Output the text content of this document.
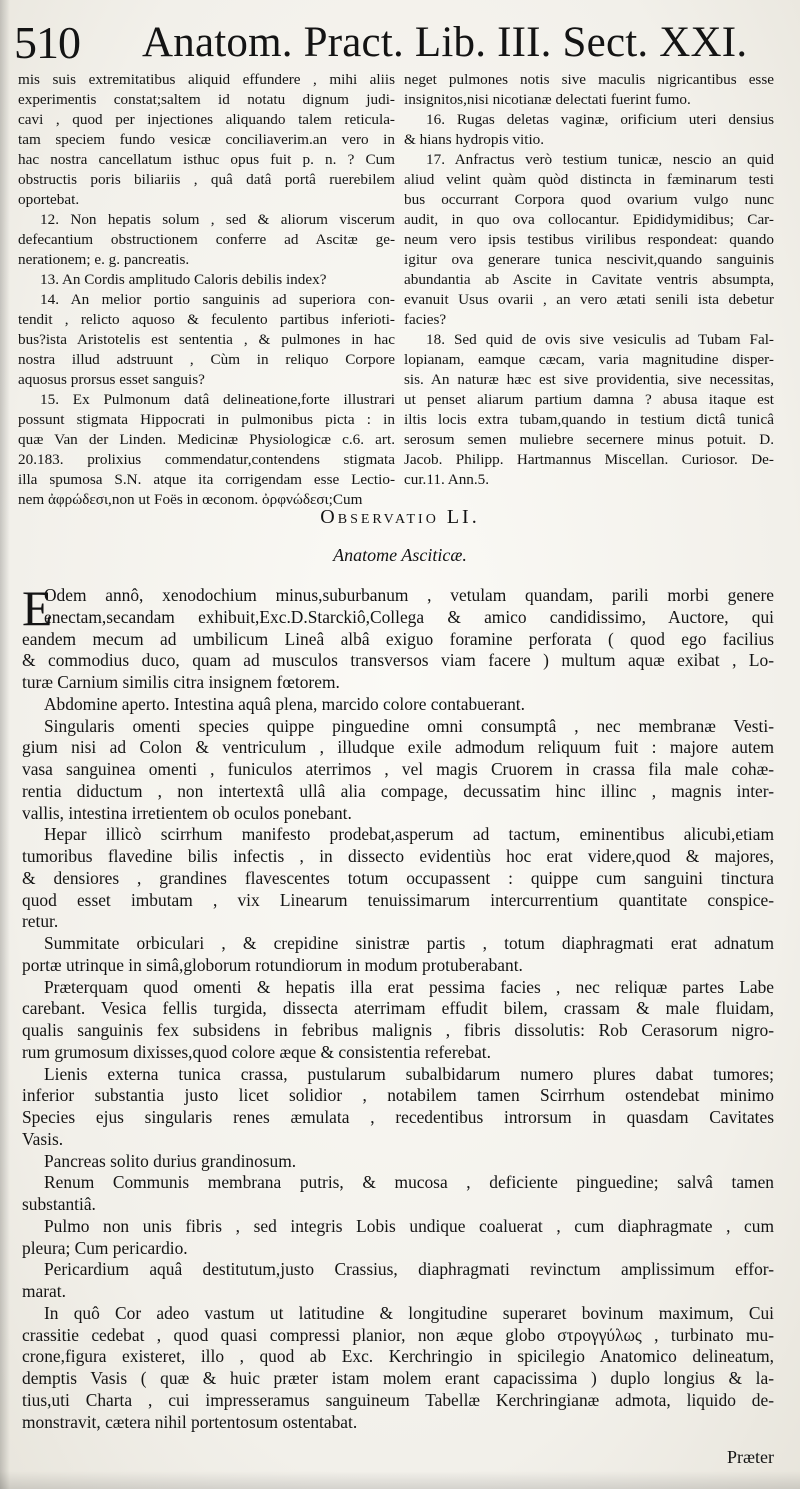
510 Anatom. Pract. Lib. III. Sect. XXI.
mis suis extremitatibus aliquid effundere , mihi aliis
experimentis constat;saltem id notatu dignum judi-
cavi , quod per injectiones aliquando talem reticula-
tam speciem fundo vesicæ conciliaverim.an vero in
hac nostra cancellatum isthuc opus fuit p. n. ? Cum
obstructis poris biliariis , quâ datâ portâ ruerebilem
oportebat.
12. Non hepatis solum , sed & aliorum viscerum
defecantium obstructionem conferre ad Ascitæ ge-
nerationem; e. g. pancreatis.
13. An Cordis amplitudo Caloris debilis index?
14. An melior portio sanguinis ad superiora con-
tendit , relicto aquoso & feculento partibus inferioti-
bus?ista Aristotelis est sententia , & pulmones in hac
nostra illud adstruunt , Cùm in reliquo Corpore
aquosus prorsus esset sanguis?
15. Ex Pulmonum datâ delineatione,forte illustrari
possunt stigmata Hippocrati in pulmonibus picta : in
quæ Van der Linden. Medicinæ Physiologicæ c.6. art.
20.183. prolixius commendatur,contendens stigmata
illa spumosa S.N. atque ita corrigendam esse Lectio-
nem ἀφρώδεσι,non ut Foës in œconom. ὀρφνώδεσι;Cum
neget pulmones notis sive maculis nigricantibus esse
insignitos,nisi nicotianæ delectati fuerint fumo.
16. Rugas deletas vaginæ, orificium uteri densius
& hians hydropis vitio.
17. Anfractus verò testium tunicæ, nescio an quid
aliud velint quàm quòd distincta in fæminarum testi
bus occurrant Corpora quod ovarium vulgo nunc
audit, in quo ova collocantur. Epididymidibus; Car-
neum vero ipsis testibus virilibus respondeat: quando
igitur ova generare tunica nescivit,quando sanguinis
abundantia ab Ascite in Cavitate ventris absumpta,
evanuit Usus ovarii , an vero ætati senili ista debetur
facies?
18. Sed quid de ovis sive vesiculis ad Tubam Fal-
lopianam, eamque cæcam, varia magnitudine disper-
sis. An naturæ hæc est sive providentia, sive necessitas,
ut penset aliarum partium damna ? abusa itaque est
iltis locis extra tubam,quando in testium dictâ tunicâ
serosum semen muliebre secernere minus potuit. D.
Jacob. Philipp. Hartmannus Miscellan. Curiosor. De-
cur.11. Ann.5.
Observatio LI.
Anatome Asciticæ.
E
Odem annô, xenodochium minus,suburbanum , vetulam quandam, parili morbi genere
enectam,secandam exhibuit,Exc.D.Starckiô,Collega & amico candidissimo, Auctore, qui
eandem mecum ad umbilicum Lineâ albâ exiguo foramine perforata ( quod ego facilius
& commodius duco, quam ad musculos transversos viam facere ) multum aquæ exibat , Lo-
turæ Carnium similis citra insignem fœtorem.
Abdomine aperto. Intestina aquâ plena, marcido colore contabuerant.
Singularis omenti species quippe pinguedine omni consumptâ , nec membranæ Vesti-
gium nisi ad Colon & ventriculum , illudque exile admodum reliquum fuit : majore autem
vasa sanguinea omenti , funiculos aterrimos , vel magis Cruorem in crassa fila male cohæ-
rentia diductum , non intertextâ ullâ alia compage, decussatim hinc illinc , magnis inter-
vallis, intestina irretientem ob oculos ponebant.
Hepar illicò scirrhum manifesto prodebat,asperum ad tactum, eminentibus alicubi,etiam
tumoribus flavedine bilis infectis , in dissecto evidentiùs hoc erat videre,quod & majores,
& densiores , grandines flavescentes totum occupassent : quippe cum sanguini tinctura
quod esset imbutam , vix Linearum tenuissimarum intercurrentium quantitate conspice-
retur.
Summitate orbiculari , & crepidine sinistræ partis , totum diaphragmati erat adnatum
portæ utrinque in simâ,globorum rotundiorum in modum protuberabant.
Præterquam quod omenti & hepatis illa erat pessima facies , nec reliquæ partes Labe
carebant. Vesica fellis turgida, dissecta aterrimam effudit bilem, crassam & male fluidam,
qualis sanguinis fex subsidens in febribus malignis , fibris dissolutis: Rob Cerasorum nigro-
rum grumosum dixisses,quod colore æque & consistentia referebat.
Lienis externa tunica crassa, pustularum subalbidarum numero plures dabat tumores;
inferior substantia justo licet solidior , notabilem tamen Scirrhum ostendebat minimo
Species ejus singularis renes æmulata , recedentibus introrsum in quasdam Cavitates
Vasis.
Pancreas solito durius grandinosum.
Renum Communis membrana putris, & mucosa , deficiente pinguedine; salvâ tamen
substantiâ.
Pulmo non unis fibris , sed integris Lobis undique coaluerat , cum diaphragmate , cum
pleura; Cum pericardio.
Pericardium aquâ destitutum,justo Crassius, diaphragmati revinctum amplissimum effor-
marat.
In quô Cor adeo vastum ut latitudine & longitudine superaret bovinum maximum, Cui
crassitie cedebat , quod quasi compressi planior, non æque globo στρογγύλως , turbinato mu-
crone,figura existeret, illo , quod ab Exc. Kerchringio in spicilegio Anatomico delineatum,
demptis Vasis ( quæ & huic præter istam molem erant capacissima ) duplo longius & la-
tius,uti Charta , cui impresseramus sanguineum Tabellæ Kerchringianæ admota, liquido de-
monstravit, cætera nihil portentosum ostentabat.
Præter
